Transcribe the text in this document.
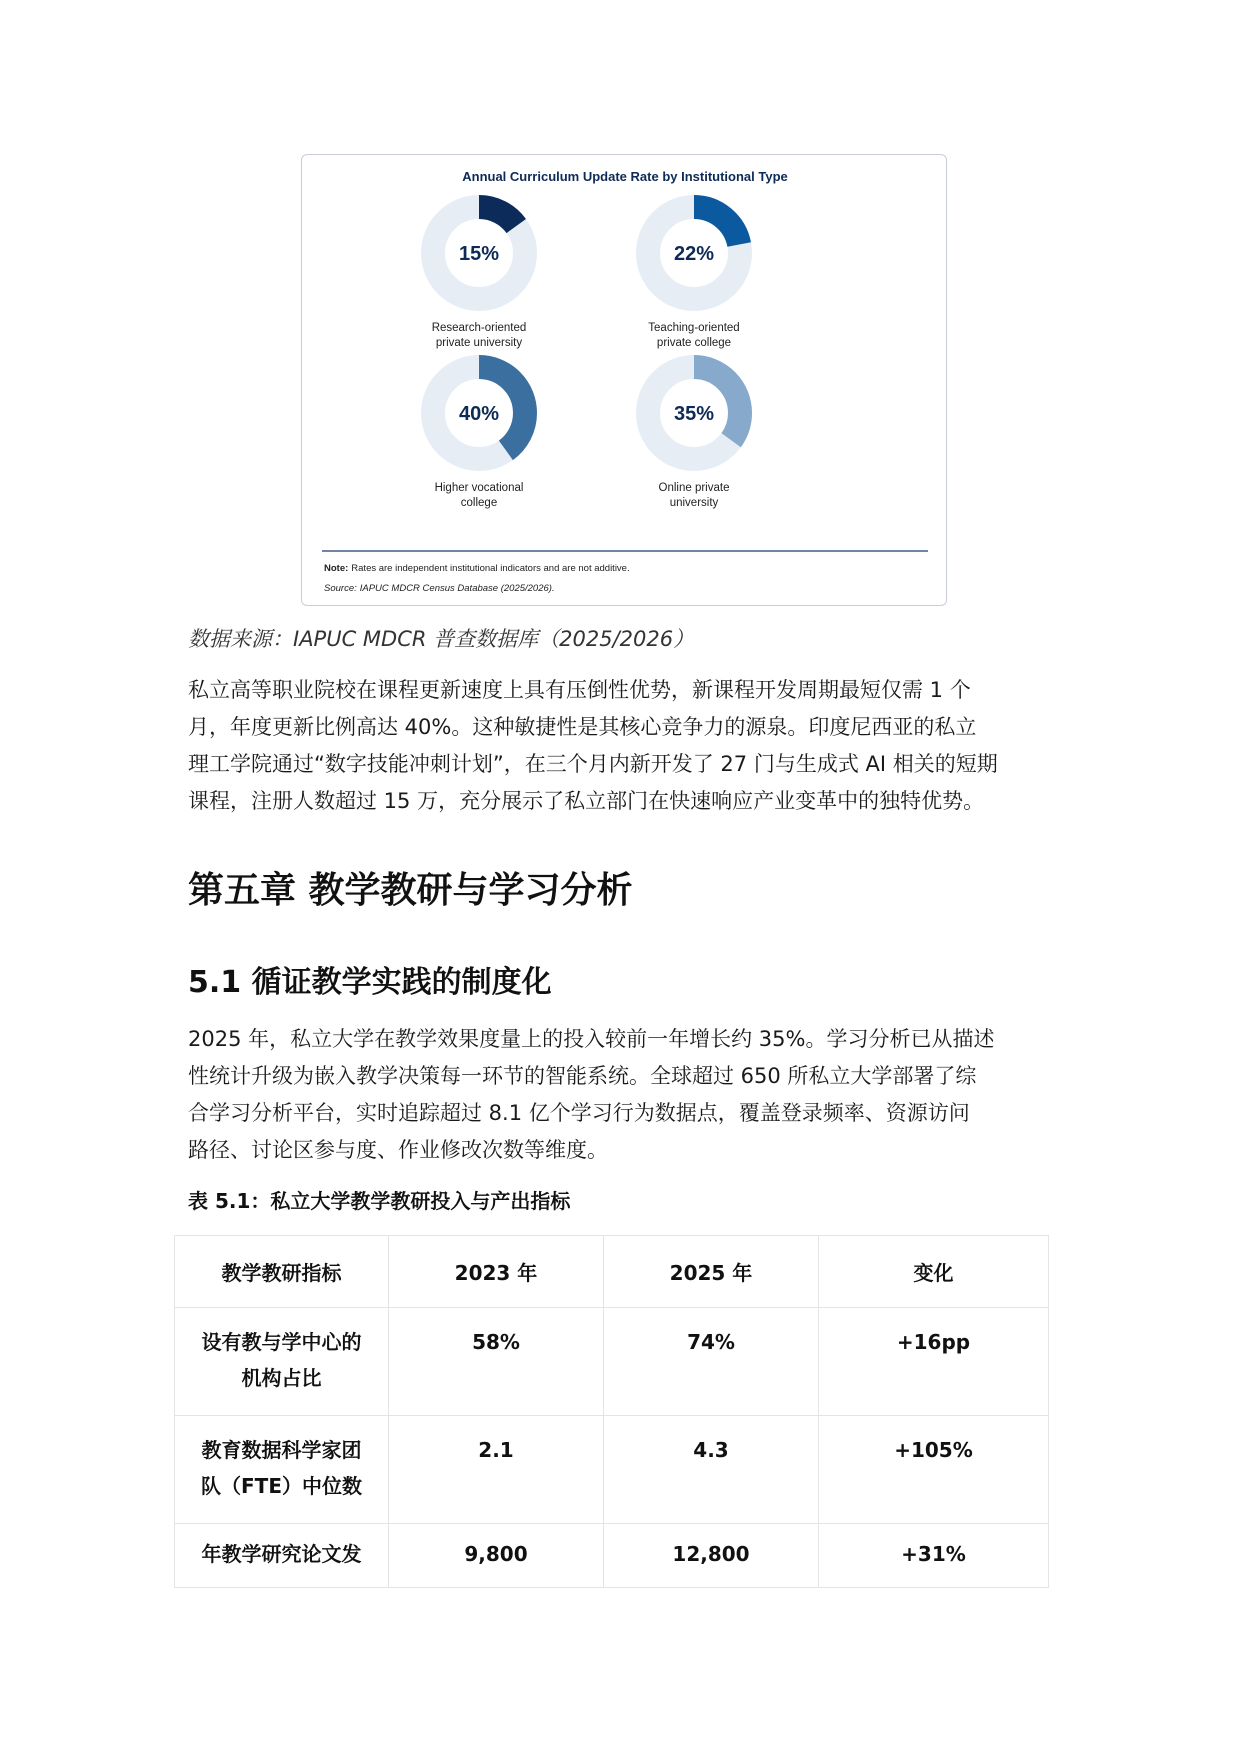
Annual Curriculum Update Rate by Institutional Type
15%
Research-oriented
private university
22%
Teaching-oriented
private college
40%
Higher vocational
college
35%
Online private
university
Note: Rates are independent institutional indicators and are not additive.
Source: IAPUC MDCR Census Database (2025/2026).
数据来源：IAPUC MDCR 普查数据库（2025/2026）
私立高等职业院校在课程更新速度上具有压倒性优势，新课程开发周期最短仅需 1 个
月，年度更新比例高达 40%。这种敏捷性是其核心竞争力的源泉。印度尼西亚的私立
理工学院通过“数字技能冲刺计划”，在三个月内新开发了 27 门与生成式 AI 相关的短期
课程，注册人数超过 15 万，充分展示了私立部门在快速响应产业变革中的独特优势。
第五章 教学教研与学习分析
5.1 循证教学实践的制度化
2025 年，私立大学在教学效果度量上的投入较前一年增长约 35%。学习分析已从描述
性统计升级为嵌入教学决策每一环节的智能系统。全球超过 650 所私立大学部署了综
合学习分析平台，实时追踪超过 8.1 亿个学习行为数据点，覆盖登录频率、资源访问
路径、讨论区参与度、作业修改次数等维度。
表 5.1：私立大学教学教研投入与产出指标
教学教研指标	2023 年	2025 年	变化

设有教与学中心的
机构占比	58%	74%	+16pp

教育数据科学家团
队（FTE）中位数	2.1	4.3	+105%

年教学研究论文发	9,800	12,800	+31%
